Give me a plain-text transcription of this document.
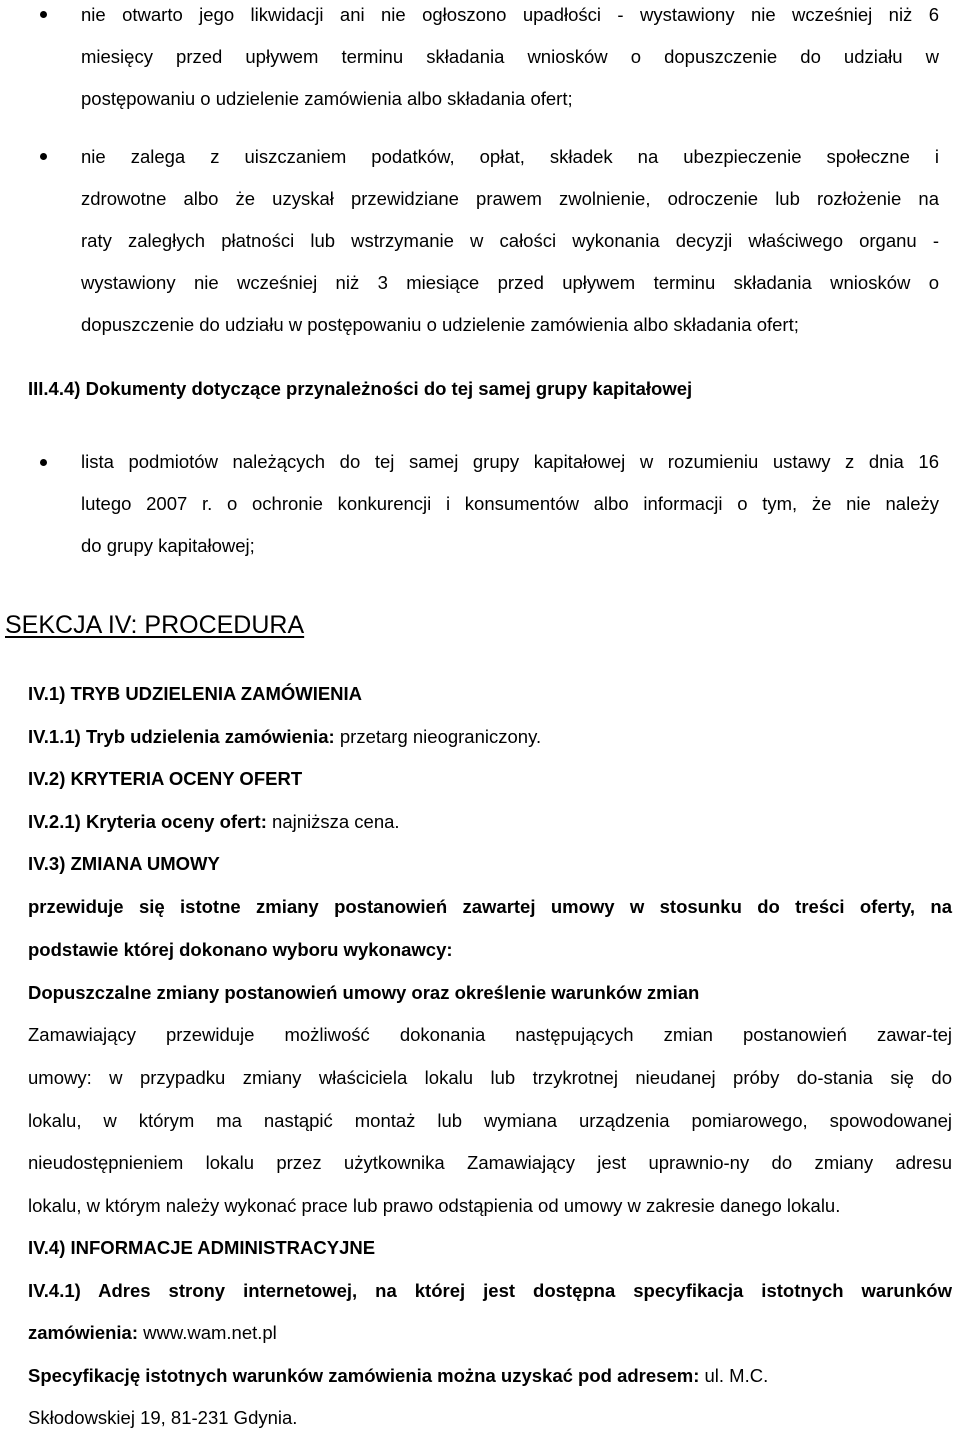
nie otwarto jego likwidacji ani nie ogłoszono upadłości - wystawiony nie wcześniej niż 6
miesięcy przed upływem terminu składania wniosków o dopuszczenie do udziału w
postępowaniu o udzielenie zamówienia albo składania ofert;
nie zalega z uiszczaniem podatków, opłat, składek na ubezpieczenie społeczne i
zdrowotne albo że uzyskał przewidziane prawem zwolnienie, odroczenie lub rozłożenie na
raty zaległych płatności lub wstrzymanie w całości wykonania decyzji właściwego organu -
wystawiony nie wcześniej niż 3 miesiące przed upływem terminu składania wniosków o
dopuszczenie do udziału w postępowaniu o udzielenie zamówienia albo składania ofert;
III.4.4) Dokumenty dotyczące przynależności do tej samej grupy kapitałowej
lista podmiotów należących do tej samej grupy kapitałowej w rozumieniu ustawy z dnia 16
lutego 2007 r. o ochronie konkurencji i konsumentów albo informacji o tym, że nie należy
do grupy kapitałowej;
SEKCJA IV: PROCEDURA
IV.1) TRYB UDZIELENIA ZAMÓWIENIA
IV.1.1) Tryb udzielenia zamówienia: przetarg nieograniczony.
IV.2) KRYTERIA OCENY OFERT
IV.2.1) Kryteria oceny ofert: najniższa cena.
IV.3) ZMIANA UMOWY
przewiduje się istotne zmiany postanowień zawartej umowy w stosunku do treści oferty, na
podstawie której dokonano wyboru wykonawcy:
Dopuszczalne zmiany postanowień umowy oraz określenie warunków zmian
Zamawiający przewiduje możliwość dokonania następujących zmian postanowień zawar-tej
umowy: w przypadku zmiany właściciela lokalu lub trzykrotnej nieudanej próby do-stania się do
lokalu, w którym ma nastąpić montaż lub wymiana urządzenia pomiarowego, spowodowanej
nieudostępnieniem lokalu przez użytkownika Zamawiający jest uprawnio-ny do zmiany adresu
lokalu, w którym należy wykonać prace lub prawo odstąpienia od umowy w zakresie danego lokalu.
IV.4) INFORMACJE ADMINISTRACYJNE
IV.4.1) Adres strony internetowej, na której jest dostępna specyfikacja istotnych warunków
zamówienia: www.wam.net.pl
Specyfikację istotnych warunków zamówienia można uzyskać pod adresem: ul. M.C.
Skłodowskiej 19, 81-231 Gdynia.
